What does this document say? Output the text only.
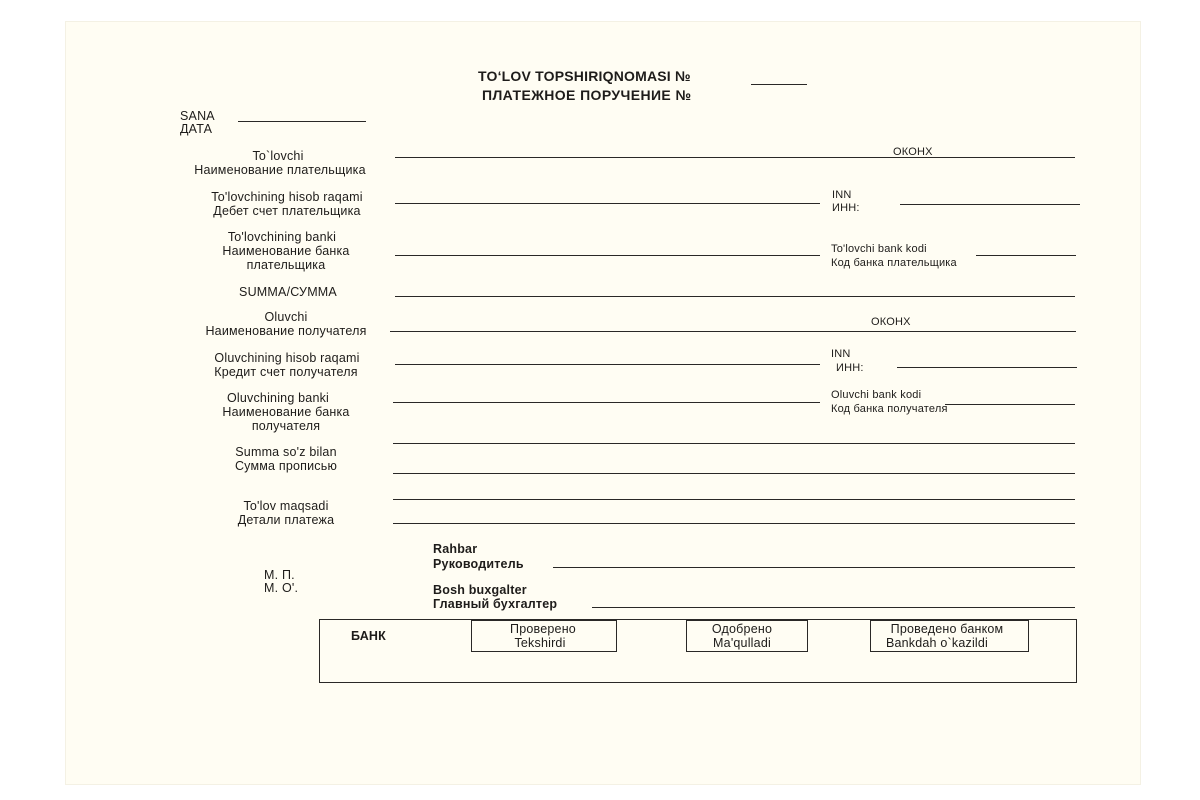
TO‘LOV TOPSHIRIQNOMASI №
ПЛАТЕЖНОЕ ПОРУЧЕНИЕ №
SANA
ДАТА
To`lovchi
Наименование плательщика
ОКОНХ
To'lovchining hisob raqami
Дебет счет плательщика
INN
ИНН:
To'lovchining banki
Наименование банка
плательщика
To'lovchi bank kodi
Код банка плательщика
SUMMA/СУММА
Oluvchi
Наименование получателя
ОКОНХ
Oluvchining hisob raqami
Кредит счет получателя
INN
ИНН:
Oluvchining banki
Наименование банка
получателя
Oluvchi bank kodi
Код банка получателя
Summa so'z bilan
Сумма прописью
To'lov maqsadi
Детали платежа
М. П.
M. O'.
Rahbar
Руководитель
Bosh buxgalter
Главный бухгалтер
БАНК	Проверено
Tekshirdi
Одобрено
Ma'qulladi
Проведено банком
Bankdah o`kazildi
